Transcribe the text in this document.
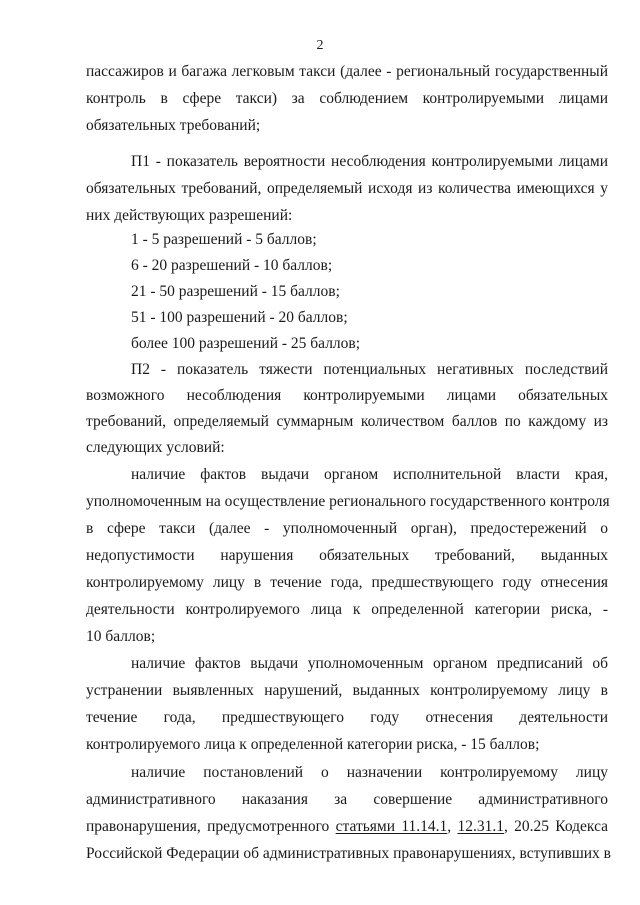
2
пассажиров и багажа легковым такси (далее - региональный государственный
контроль в сфере такси) за соблюдением контролируемыми лицами
обязательных требований;
П1 - показатель вероятности несоблюдения контролируемыми лицами
обязательных требований, определяемый исходя из количества имеющихся у
них действующих разрешений:
1 - 5 разрешений - 5 баллов;
6 - 20 разрешений - 10 баллов;
21 - 50 разрешений - 15 баллов;
51 - 100 разрешений - 20 баллов;
более 100 разрешений - 25 баллов;
П2 - показатель тяжести потенциальных негативных последствий
возможного несоблюдения контролируемыми лицами обязательных
требований, определяемый суммарным количеством баллов по каждому из
следующих условий:
наличие фактов выдачи органом исполнительной власти края,
уполномоченным на осуществление регионального государственного контроля
в сфере такси (далее - уполномоченный орган), предостережений о
недопустимости нарушения обязательных требований, выданных
контролируемому лицу в течение года, предшествующего году отнесения
деятельности контролируемого лица к определенной категории риска, -
10 баллов;
наличие фактов выдачи уполномоченным органом предписаний об
устранении выявленных нарушений, выданных контролируемому лицу в
течение года, предшествующего году отнесения деятельности
контролируемого лица к определенной категории риска, - 15 баллов;
наличие постановлений о назначении контролируемому лицу
административного наказания за совершение административного
правонарушения, предусмотренного статьями 11.14.1, 12.31.1, 20.25 Кодекса
Российской Федерации об административных правонарушениях, вступивших в
